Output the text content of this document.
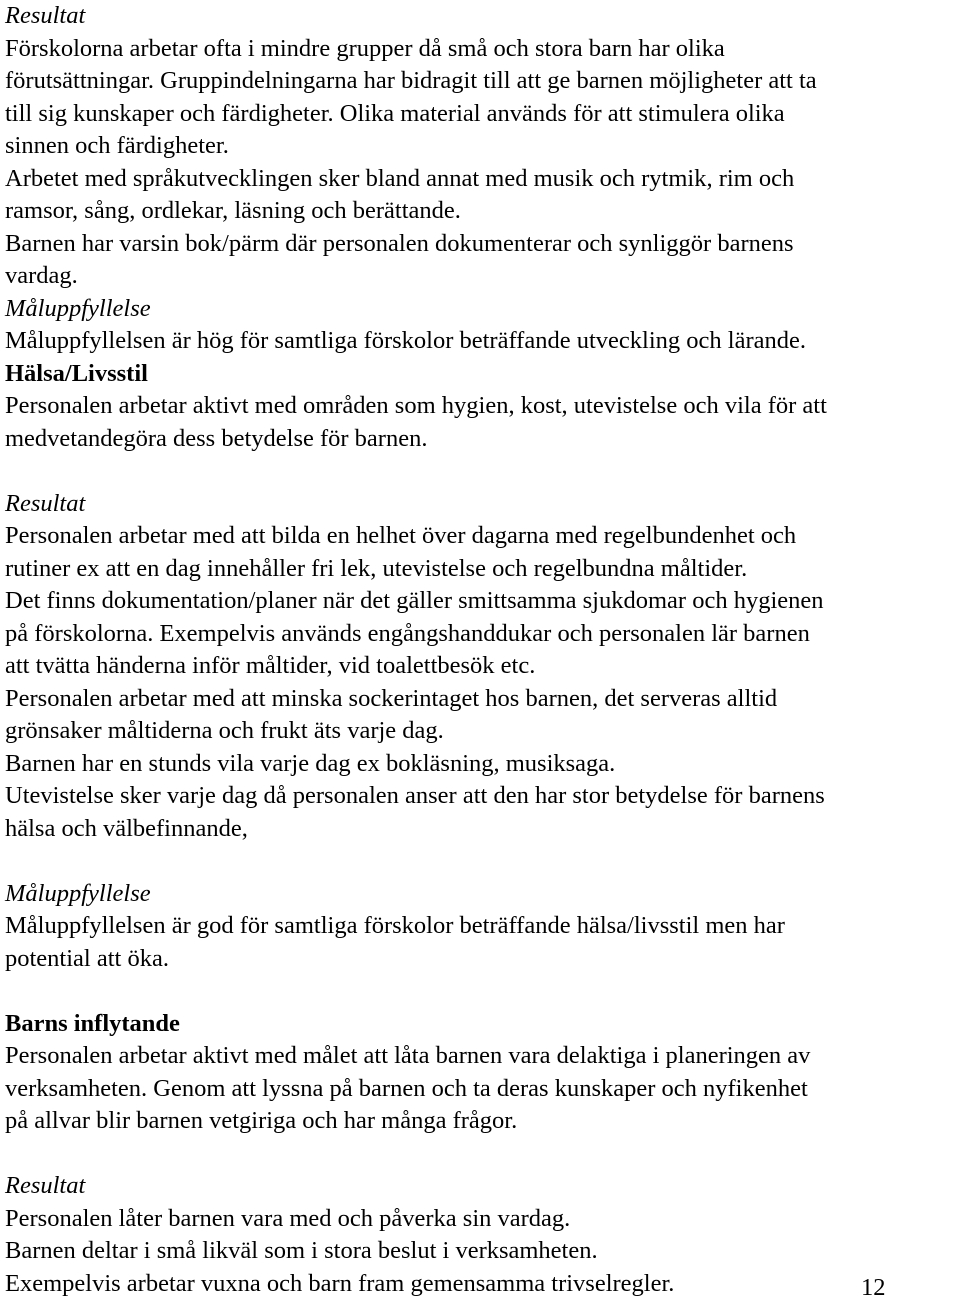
Resultat

Förskolorna arbetar ofta i mindre grupper då små och stora barn har olika

förutsättningar. Gruppindelningarna har bidragit till att ge barnen möjligheter att ta

till sig kunskaper och färdigheter. Olika material används för att stimulera olika

sinnen och färdigheter.

Arbetet med språkutvecklingen sker bland annat med musik och rytmik, rim och

ramsor, sång, ordlekar, läsning och berättande.

Barnen har varsin bok/pärm där personalen dokumenterar och synliggör barnens

vardag.

Måluppfyllelse

Måluppfyllelsen är hög för samtliga förskolor beträffande utveckling och lärande.

Hälsa/Livsstil

Personalen arbetar aktivt med områden som hygien, kost, utevistelse och vila för att

medvetandegöra dess betydelse för barnen.

Resultat

Personalen arbetar med att bilda en helhet över dagarna med regelbundenhet och

rutiner ex att en dag innehåller fri lek, utevistelse och regelbundna måltider.

Det finns dokumentation/planer när det gäller smittsamma sjukdomar och hygienen

på förskolorna. Exempelvis används engångshanddukar och personalen lär barnen

att tvätta händerna inför måltider, vid toalettbesök etc.

Personalen arbetar med att minska sockerintaget hos barnen, det serveras alltid

grönsaker måltiderna och frukt äts varje dag.

Barnen har en stunds vila varje dag ex bokläsning, musiksaga.

Utevistelse sker varje dag då personalen anser att den har stor betydelse för barnens

hälsa och välbefinnande,

Måluppfyllelse

Måluppfyllelsen är god för samtliga förskolor beträffande hälsa/livsstil men har

potential att öka.

Barns inflytande

Personalen arbetar aktivt med målet att låta barnen vara delaktiga i planeringen av

verksamheten. Genom att lyssna på barnen och ta deras kunskaper och nyfikenhet

på allvar blir barnen vetgiriga och har många frågor.

Resultat

Personalen låter barnen vara med och påverka sin vardag.

Barnen deltar i små likväl som i stora beslut i verksamheten.

Exempelvis arbetar vuxna och barn fram gemensamma trivselregler.	12
